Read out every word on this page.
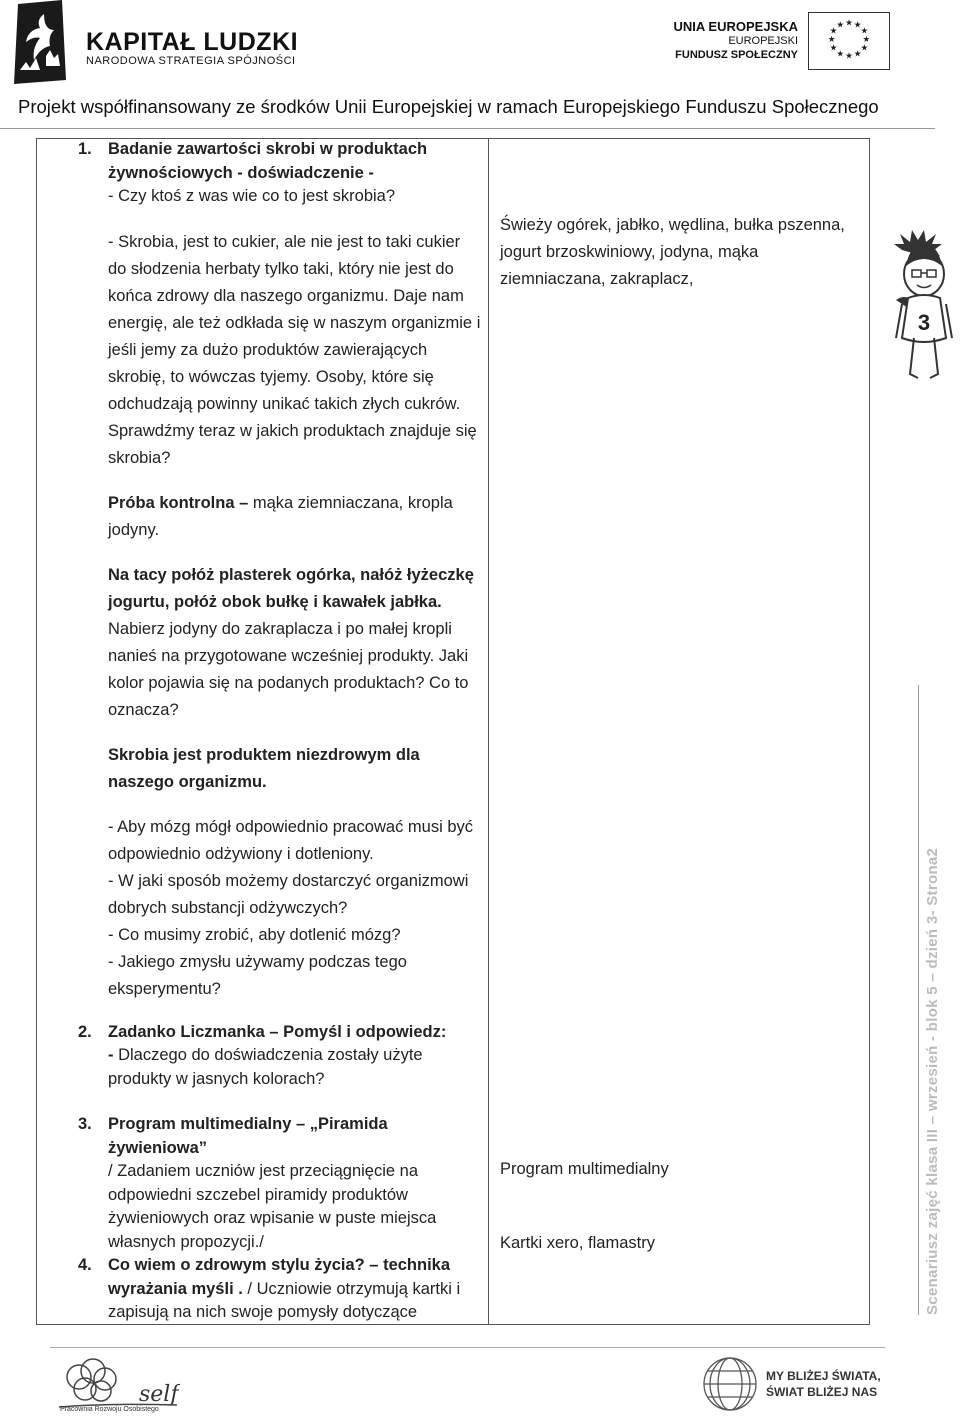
KAPITAŁ LUDZKI
NARODOWA STRATEGIA SPÓJNOŚCI
UNIA EUROPEJSKA
EUROPEJSKI
FUNDUSZ SPOŁECZNY
★ ★
★
★
★
★
★
★
★
★
★
★
Projekt współfinansowany ze środków Unii Europejskiej w ramach Europejskiego Funduszu Społecznego
1. Badanie zawartości skrobi w produktach żywnościowych - doświadczenie -

- Czy ktoś z was wie co to jest skrobia?

- Skrobia, jest to cukier, ale nie jest to taki cukier do słodzenia herbaty tylko taki, który nie jest do końca zdrowy dla naszego organizmu. Daje nam energię, ale też odkłada się w naszym organizmie i jeśli jemy za dużo produktów zawierających skrobię, to wówczas tyjemy. Osoby, które się odchudzają powinny unikać takich złych cukrów. Sprawdźmy teraz w jakich produktach znajduje się skrobia?

Próba kontrolna – mąka ziemniaczana, kropla jodyny.

Na tacy połóż plasterek ogórka, nałóż łyżeczkę jogurtu, połóż obok bułkę i kawałek jabłka. Nabierz jodyny do zakraplacza i po małej kropli nanieś na przygotowane wcześniej produkty. Jaki kolor pojawia się na podanych produktach? Co to oznacza?

Skrobia jest produktem niezdrowym dla naszego organizmu.

- Aby mózg mógł odpowiednio pracować musi być odpowiednio odżywiony i dotleniony.

- W jaki sposób możemy dostarczyć organizmowi dobrych substancji odżywczych?

- Co musimy zrobić, aby dotlenić mózg?

- Jakiego zmysłu używamy podczas tego eksperymentu?

2. Zadanko Liczmanka – Pomyśl i odpowiedz:

- Dlaczego do doświadczenia zostały użyte produkty w jasnych kolorach?

3. Program multimedialny – „Piramida żywieniowa”

/ Zadaniem uczniów jest przeciągnięcie na odpowiedni szczebel piramidy produktów żywieniowych oraz wpisanie w puste miejsca własnych propozycji./

4. Co wiem o zdrowym stylu życia? – technika wyrażania myśli . / Uczniowie otrzymują kartki i zapisują na nich swoje pomysły dotyczące

Świeży ogórek, jabłko, wędlina, bułka pszenna, jogurt brzoskwiniowy, jodyna, mąka ziemniaczana, zakraplacz,
Program multimedialny
Kartki xero, flamastry
3
Scenariusz zajęć klasa III – wrzesień - blok 5 – dzień 3- Strona2
self
Pracownia Rozwoju Osobistego
MY BLIŻEJ ŚWIATA,
ŚWIAT BLIŻEJ NAS
